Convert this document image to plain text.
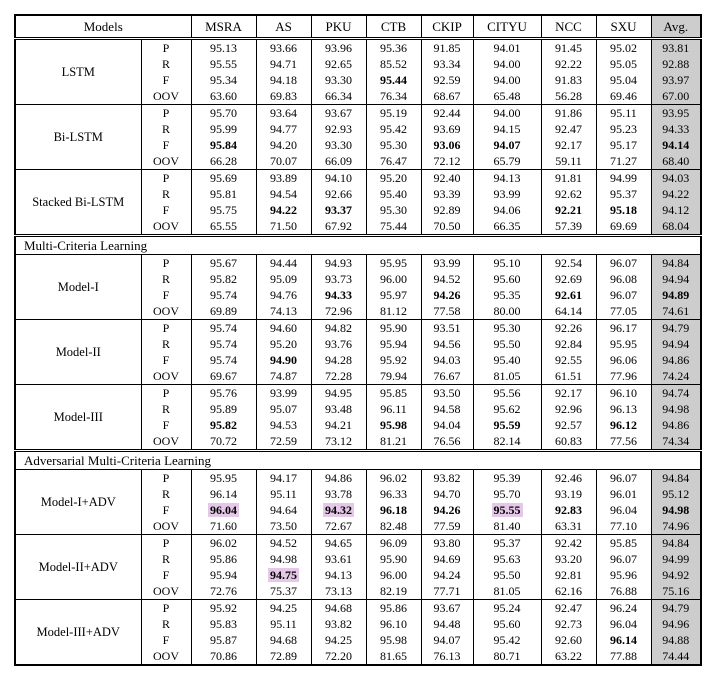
Models		MSRA	AS	PKU	CTB	CKIP	CITYU	NCC	SXU	Avg.
LSTM	P	95.13	93.66	93.96	95.36	91.85	94.01	91.45	95.02	93.81
	R	95.55	94.71	92.65	85.52	93.34	94.00	92.22	95.05	92.88
	F	95.34	94.18	93.30	95.44	92.59	94.00	91.83	95.04	93.97
	OOV	63.60	69.83	66.34	76.34	68.67	65.48	56.28	69.46	67.00
Bi-LSTM	P	95.70	93.64	93.67	95.19	92.44	94.00	91.86	95.11	93.95
	R	95.99	94.77	92.93	95.42	93.69	94.15	92.47	95.23	94.33
	F	95.84	94.20	93.30	95.30	93.06	94.07	92.17	95.17	94.14
	OOV	66.28	70.07	66.09	76.47	72.12	65.79	59.11	71.27	68.40
Stacked Bi-LSTM	P	95.69	93.89	94.10	95.20	92.40	94.13	91.81	94.99	94.03
	R	95.81	94.54	92.66	95.40	93.39	93.99	92.62	95.37	94.22
	F	95.75	94.22	93.37	95.30	92.89	94.06	92.21	95.18	94.12
	OOV	65.55	71.50	67.92	75.44	70.50	66.35	57.39	69.69	68.04
Multi-Criteria Learning										
Model-I	P	95.67	94.44	94.93	95.95	93.99	95.10	92.54	96.07	94.84
	R	95.82	95.09	93.73	96.00	94.52	95.60	92.69	96.08	94.94
	F	95.74	94.76	94.33	95.97	94.26	95.35	92.61	96.07	94.89
	OOV	69.89	74.13	72.96	81.12	77.58	80.00	64.14	77.05	74.61
Model-II	P	95.74	94.60	94.82	95.90	93.51	95.30	92.26	96.17	94.79
	R	95.74	95.20	93.76	95.94	94.56	95.50	92.84	95.95	94.94
	F	95.74	94.90	94.28	95.92	94.03	95.40	92.55	96.06	94.86
	OOV	69.67	74.87	72.28	79.94	76.67	81.05	61.51	77.96	74.24
Model-III	P	95.76	93.99	94.95	95.85	93.50	95.56	92.17	96.10	94.74
	R	95.89	95.07	93.48	96.11	94.58	95.62	92.96	96.13	94.98
	F	95.82	94.53	94.21	95.98	94.04	95.59	92.57	96.12	94.86
	OOV	70.72	72.59	73.12	81.21	76.56	82.14	60.83	77.56	74.34
Adversarial Multi-Criteria Learning										
Model-I+ADV	P	95.95	94.17	94.86	96.02	93.82	95.39	92.46	96.07	94.84
	R	96.14	95.11	93.78	96.33	94.70	95.70	93.19	96.01	95.12
	F	96.04	94.64	94.32	96.18	94.26	95.55	92.83	96.04	94.98
	OOV	71.60	73.50	72.67	82.48	77.59	81.40	63.31	77.10	74.96
Model-II+ADV	P	96.02	94.52	94.65	96.09	93.80	95.37	92.42	95.85	94.84
	R	95.86	94.98	93.61	95.90	94.69	95.63	93.20	96.07	94.99
	F	95.94	94.75	94.13	96.00	94.24	95.50	92.81	95.96	94.92
	OOV	72.76	75.37	73.13	82.19	77.71	81.05	62.16	76.88	75.16
Model-III+ADV	P	95.92	94.25	94.68	95.86	93.67	95.24	92.47	96.24	94.79
	R	95.83	95.11	93.82	96.10	94.48	95.60	92.73	96.04	94.96
	F	95.87	94.68	94.25	95.98	94.07	95.42	92.60	96.14	94.88
	OOV	70.86	72.89	72.20	81.65	76.13	80.71	63.22	77.88	74.44
